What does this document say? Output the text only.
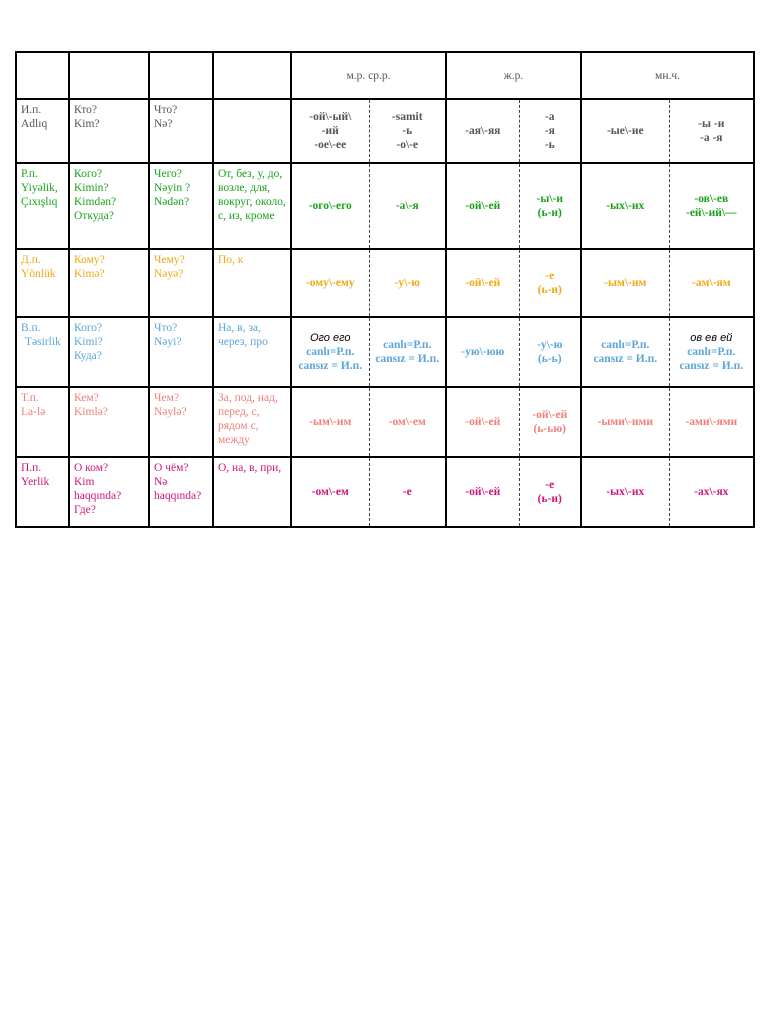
				м.р. ср.р.		ж.р.		мн.ч.	

И.п.
Adlıq	Кто?
Kim?	Что?
Nə?		-ой\-ый\
-ий
-ое\-ее	-samit
-ь
-о\-е	-ая\-яя	-а
-я
-ь	-ые\-ие	-ы -и
-а -я

Р.п.
Yiyəlik,
Çıxışlıq	Кого?
Kimin?
Kimdən?
Откуда?	Чего?
Nəyin ?
Nədən?	От, без, у, до, возле, для, вокруг, около, с, из, кроме	-ого\-его	-а\-я	-ой\-ей	-ы\-и
(ь-и)	-ых\-их	-ов\-ев
-ей\-ий\—

Д.п.
Yönlük	Кому?
Kimə?	Чему?
Nəyə?	По, к	-ому\-ему	-у\-ю	-ой\-ей	-е
(ь-и)	-ым\-им	-ам\-ям

В.п.
Təsirlik	Кого?
Kimi?
Куда?	Что?
Nəyi?	На, в, за, через, про	Ого его
canlı=Р.п.
cansız = И.п.	canlı=Р.п.
cansız = И.п.	-ую\-юю	-у\-ю
(ь-ь)	canlı=Р.п.
cansız = И.п.	ов ев ей
canlı=Р.п.
cansız = И.п.

Т.п.
La-lə	Кем?
Kimlə?	Чем?
Nəylə?	За, под, над, перед, с, рядом с, между	-ым\-им	-ом\-ем	-ой\-ей	-ой\-ей
(ь-ью)	-ыми\-ими	-ами\-ями

П.п.
Yerlik	О ком?
Kim
haqqında?
Где?	О чём?
Nə
haqqında?	О, на, в, при,	-ом\-ем	-е	-ой\-ей	-е
(ь-и)	-ых\-их	-ах\-ях
